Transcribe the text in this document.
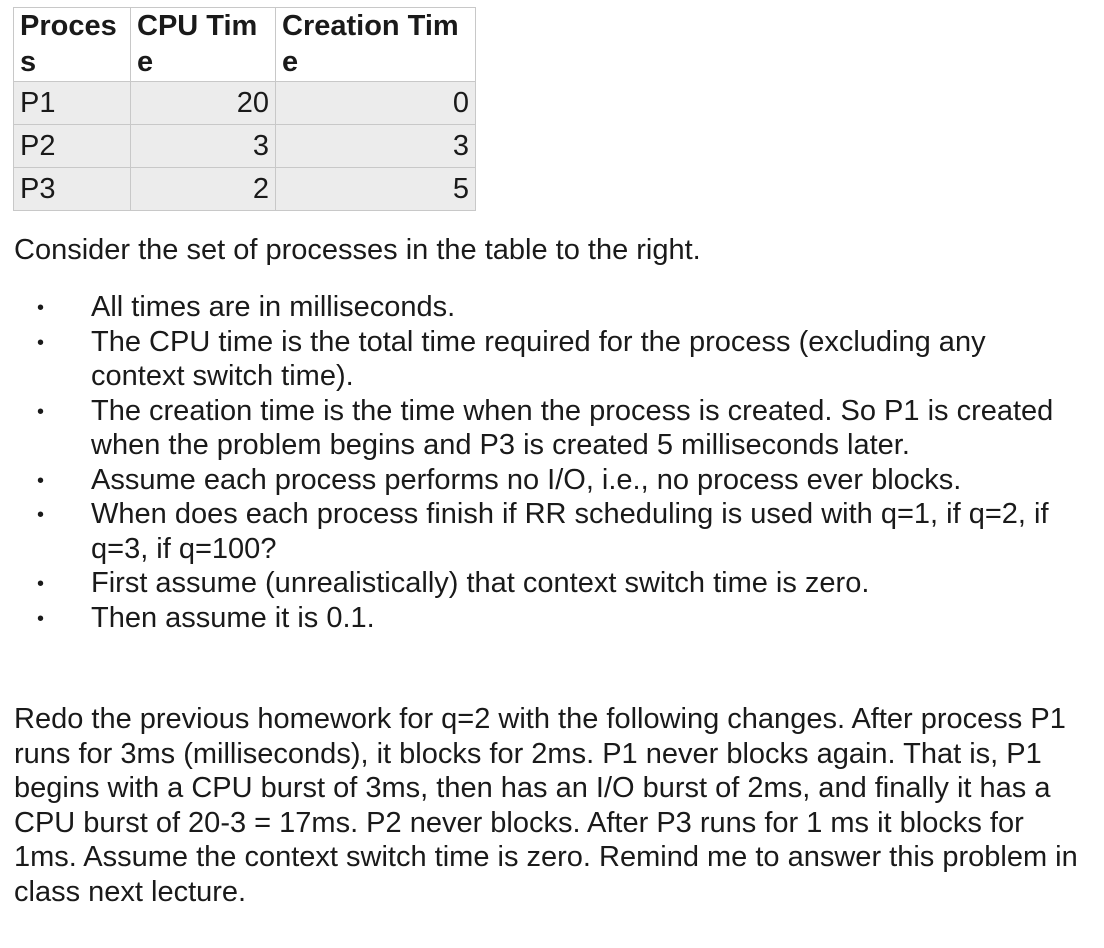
Process	CPU Time	Creation Time
P1	20	0
P2	3	3
P3	2	5

Consider the set of processes in the table to the right.

• All times are in milliseconds.
• The CPU time is the total time required for the process (excluding any context switch time).
• The creation time is the time when the process is created. So P1 is created when the problem begins and P3 is created 5 milliseconds later.
• Assume each process performs no I/O, i.e., no process ever blocks.
• When does each process finish if RR scheduling is used with q=1, if q=2, if q=3, if q=100?
• First assume (unrealistically) that context switch time is zero.
• Then assume it is 0.1.

Redo the previous homework for q=2 with the following changes. After process P1 runs for 3ms (milliseconds), it blocks for 2ms. P1 never blocks again. That is, P1 begins with a CPU burst of 3ms, then has an I/O burst of 2ms, and finally it has a CPU burst of 20-3 = 17ms. P2 never blocks. After P3 runs for 1 ms it blocks for 1ms. Assume the context switch time is zero. Remind me to answer this problem in class next lecture.
